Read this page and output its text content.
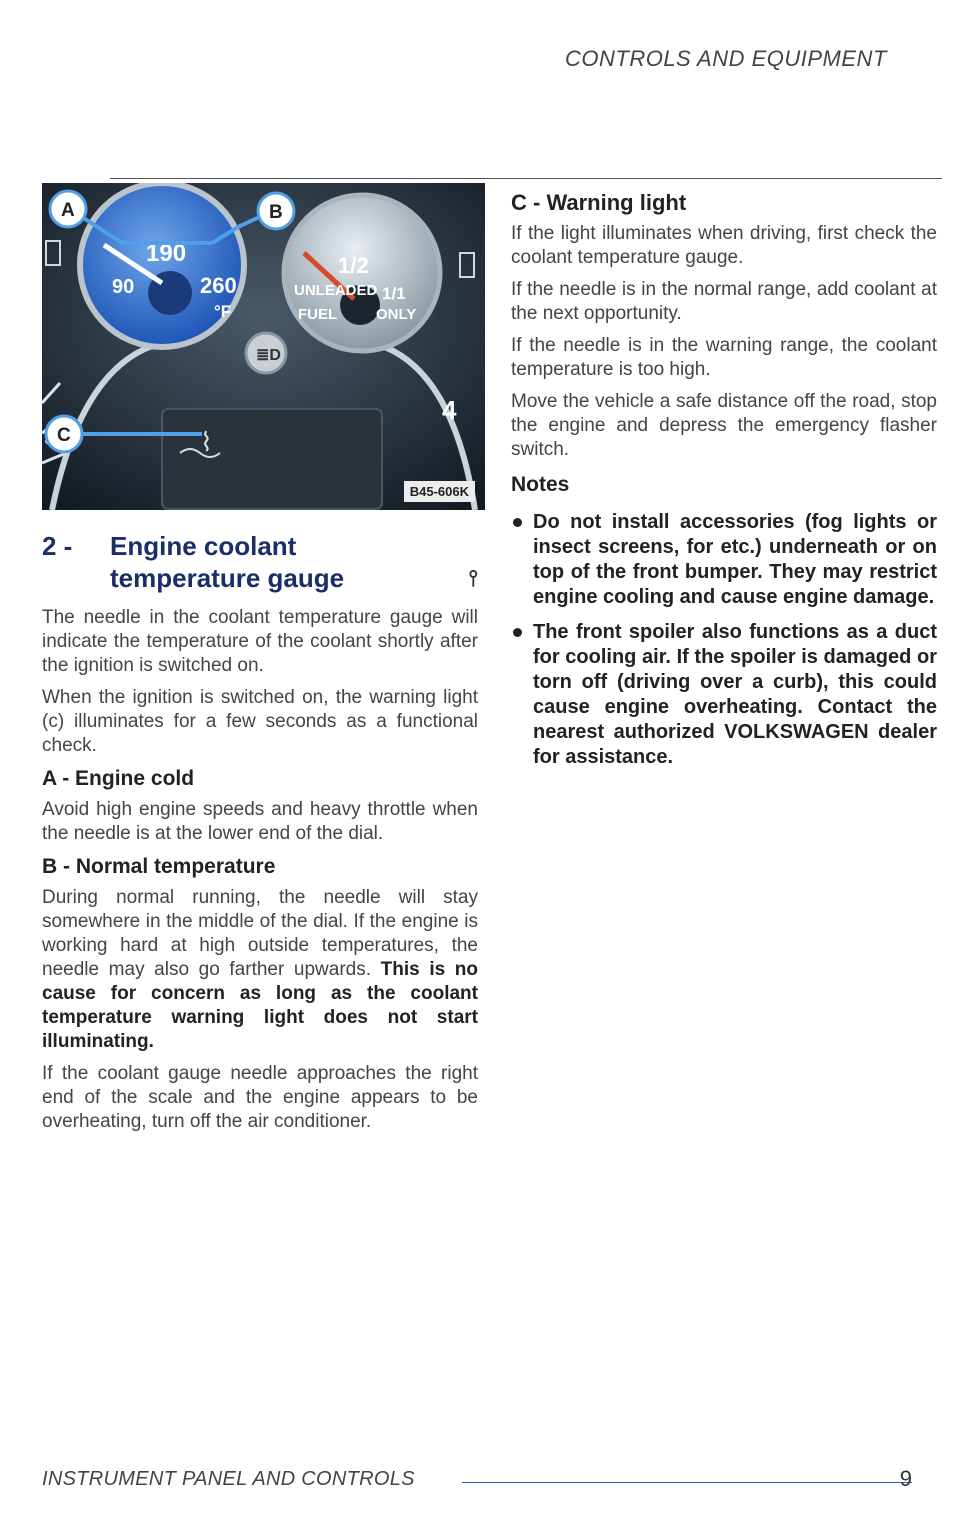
CONTROLS AND EQUIPMENT
190
90	260
°F
1/2
UNLEADED 1/1
FUEL	ONLY
≣D
⌇
4
A	B
C
B45-606K
2 -	Engine coolant
temperature gauge	⫯

The needle in the coolant temperature gauge will indicate the temperature of the coolant shortly after the ignition is switched on.

When the ignition is switched on, the warning light (c) illuminates for a few seconds as a functional check.

A - Engine cold

Avoid high engine speeds and heavy throttle when the needle is at the lower end of the dial.

B - Normal temperature

During normal running, the needle will stay somewhere in the middle of the dial. If the engine is working hard at high outside temperatures, the needle may also go farther upwards. This is no cause for concern as long as the coolant temperature warning light does not start illuminating.

If the coolant gauge needle approaches the right end of the scale and the engine appears to be overheating, turn off the air conditioner.

C - Warning light

If the light illuminates when driving, first check the coolant temperature gauge.

If the needle is in the normal range, add coolant at the next opportunity.

If the needle is in the warning range, the coolant temperature is too high.

Move the vehicle a safe distance off the road, stop the engine and depress the emergency flasher switch.

Notes
Do not install accessories (fog lights or insect screens, for etc.) underneath or on top of the front bumper. They may restrict engine cooling and cause engine damage.
The front spoiler also functions as a duct for cooling air. If the spoiler is damaged or torn off (driving over a curb), this could cause engine overheating. Contact the nearest authorized VOLKSWAGEN dealer for assistance.
INSTRUMENT PANEL AND CONTROLS	9
